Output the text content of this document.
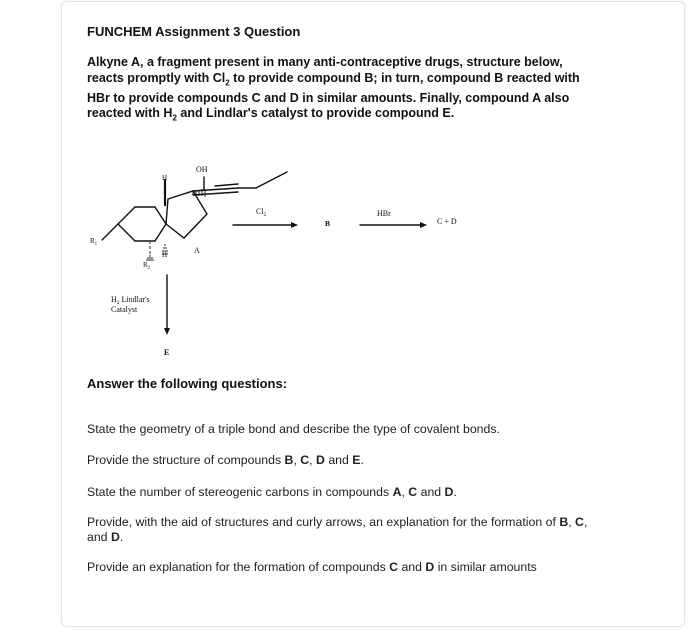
FUNCHEM Assignment 3 Question
Alkyne A, a fragment present in many anti-contraceptive drugs, structure below,
reacts promptly with $Cl_2$ to provide compound B; in turn, compound B reacted with
HBr to provide compounds C and D in similar amounts. Finally, compound A also
reacted with $H_2$ and Lindlar's catalyst to provide compound E.
OH
H
H
$R_1$
$R_2$
A
$Cl_2$
B
HBr
C + D
$H_2$ Lindlar's
Catalyst
E
Answer the following questions:
State the geometry of a triple bond and describe the type of covalent bonds.
Provide the structure of compounds B, C, D and E.
State the number of stereogenic carbons in compounds A, C and D.
Provide, with the aid of structures and curly arrows, an explanation for the formation of B, C,
and D.
Provide an explanation for the formation of compounds C and D in similar amounts
